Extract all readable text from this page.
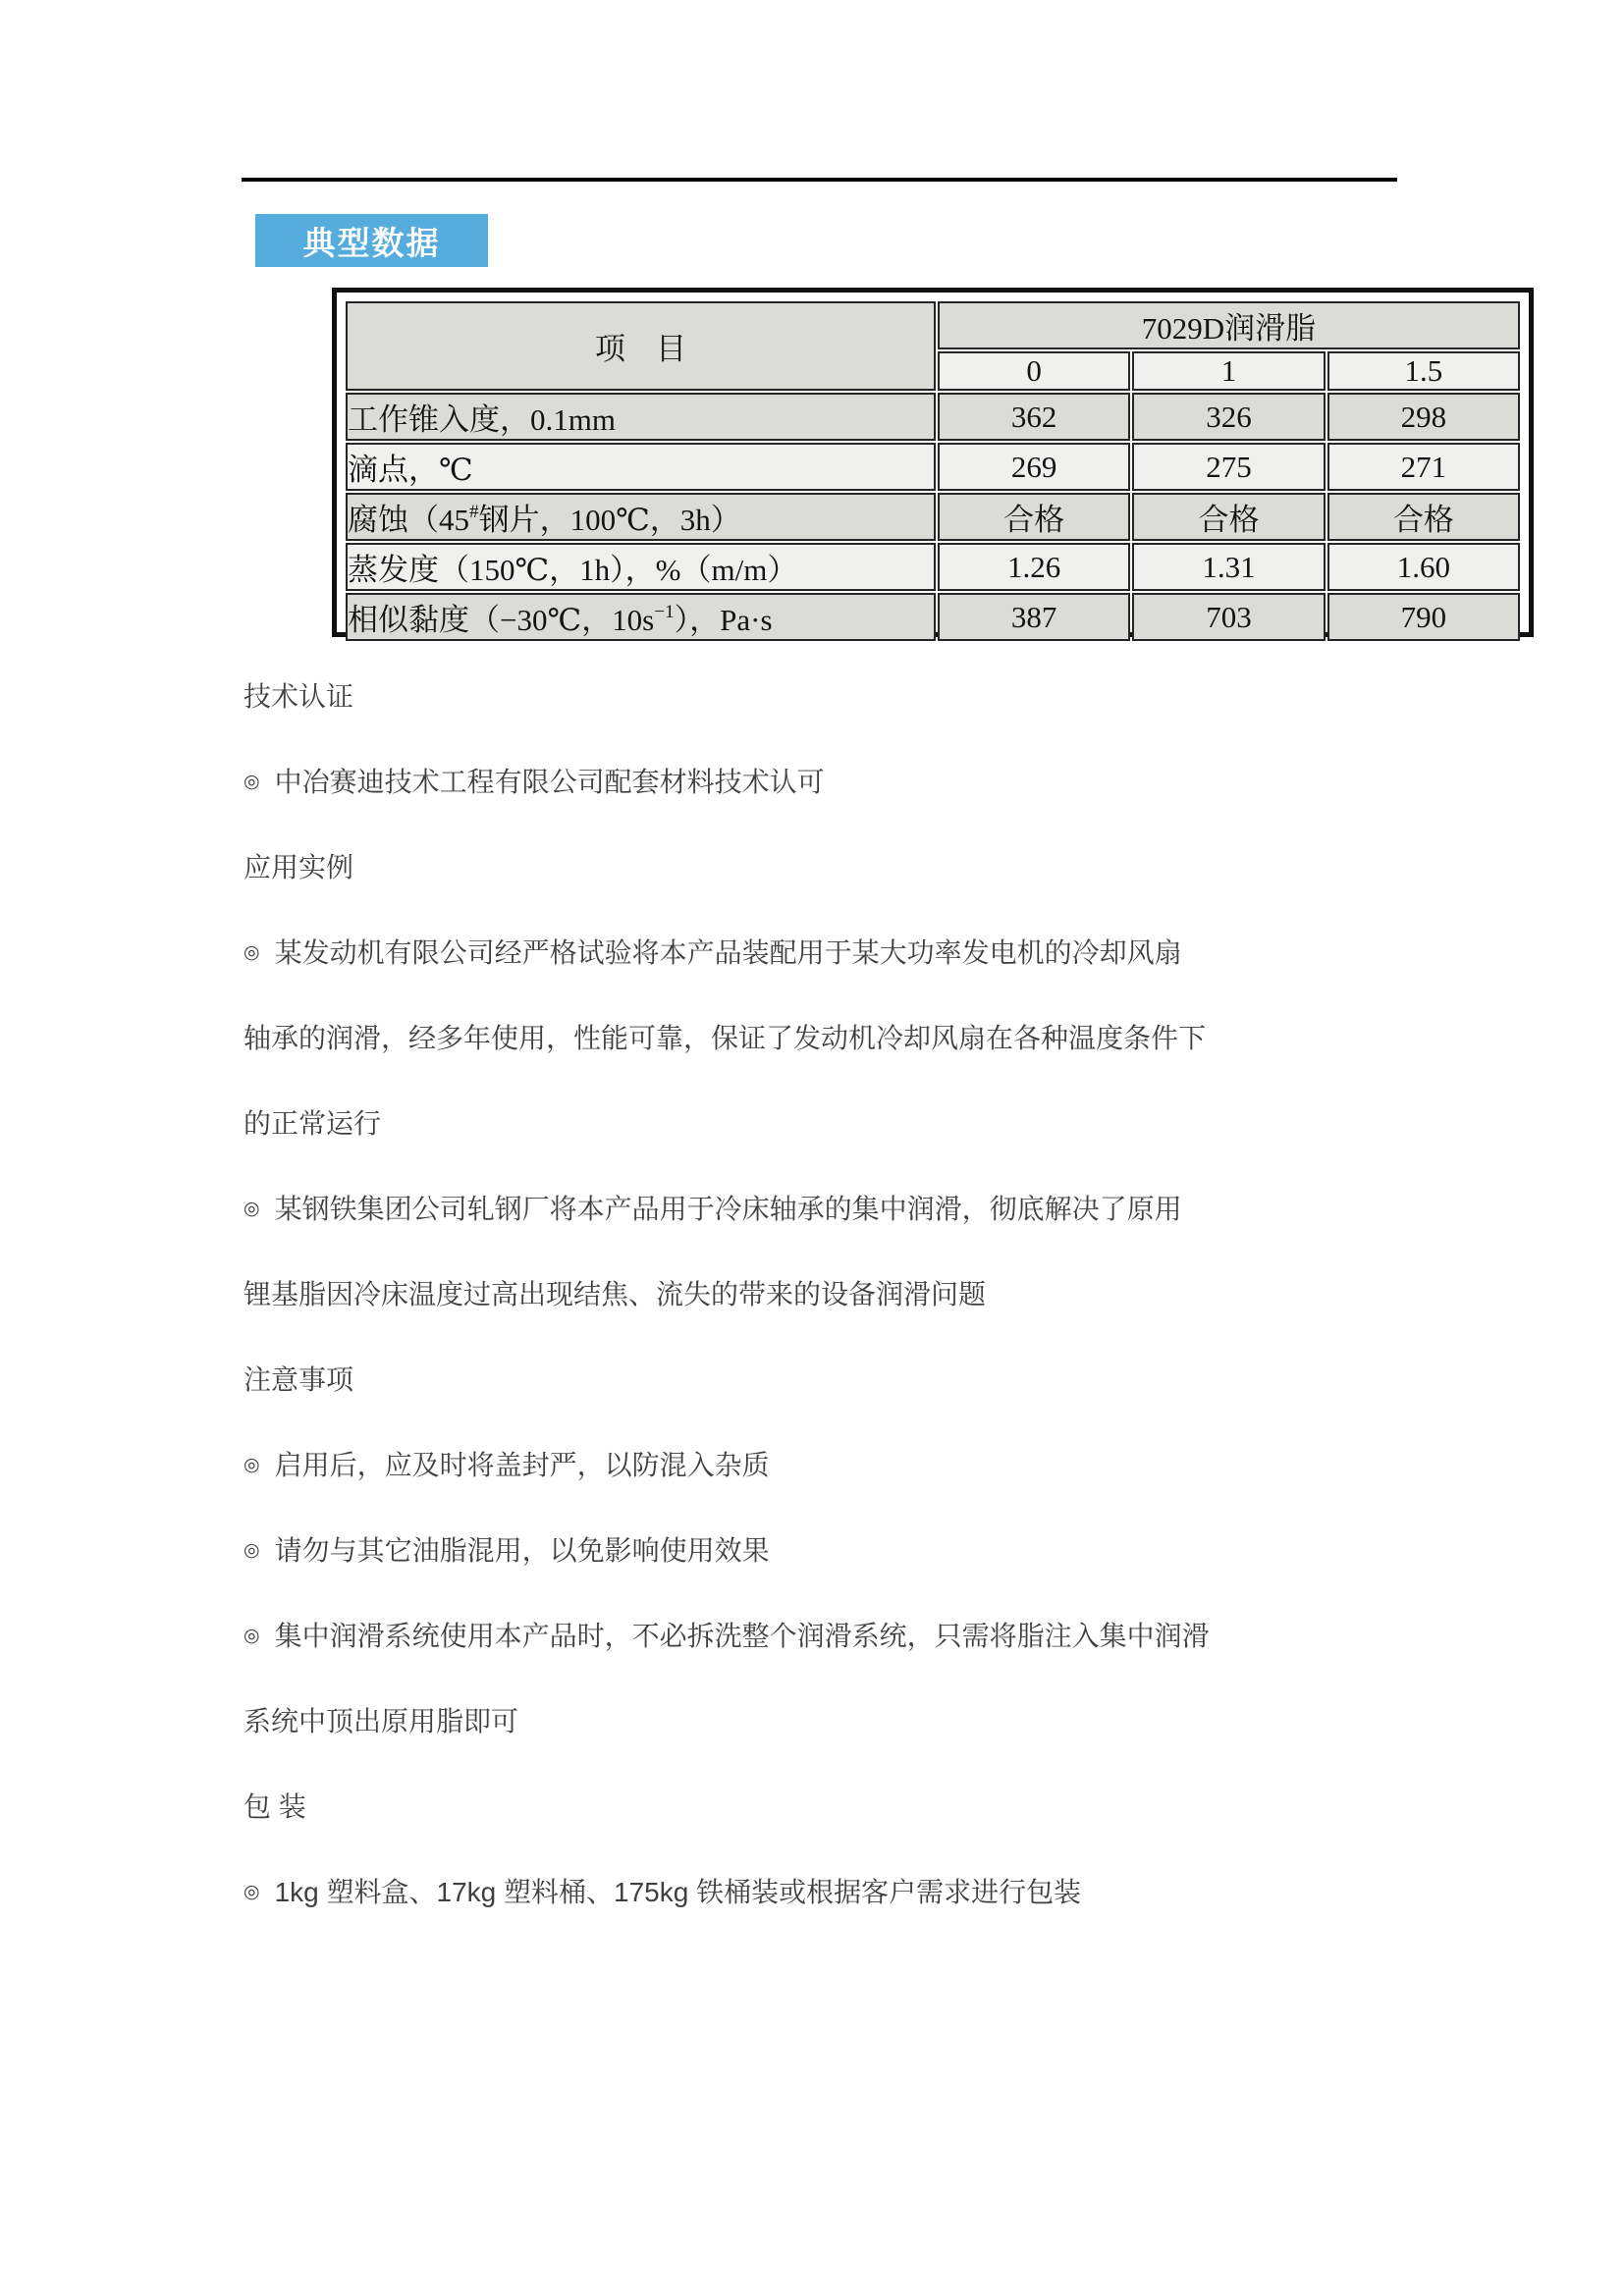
典型数据
项　目	7029D润滑脂		
	0	1	1.5
工作锥入度，0.1mm	362	326	298
滴点，℃	269	275	271
腐蚀（45#钢片，100℃，3h）	合格	合格	合格
蒸发度（150℃，1h），%（m/m）	1.26	1.31	1.60
相似黏度（−30℃，$10s^{-1}$），Pa·s	387	703	790
技术认证
◎ 中冶赛迪技术工程有限公司配套材料技术认可
应用实例
◎ 某发动机有限公司经严格试验将本产品装配用于某大功率发电机的冷却风扇
轴承的润滑，经多年使用，性能可靠，保证了发动机冷却风扇在各种温度条件下
的正常运行
◎ 某钢铁集团公司轧钢厂将本产品用于冷床轴承的集中润滑，彻底解决了原用
锂基脂因冷床温度过高出现结焦、流失的带来的设备润滑问题
注意事项
◎ 启用后，应及时将盖封严，以防混入杂质
◎ 请勿与其它油脂混用，以免影响使用效果
◎ 集中润滑系统使用本产品时，不必拆洗整个润滑系统，只需将脂注入集中润滑
系统中顶出原用脂即可
包 装
◎ 1kg 塑料盒、17kg 塑料桶、175kg 铁桶装或根据客户需求进行包装
